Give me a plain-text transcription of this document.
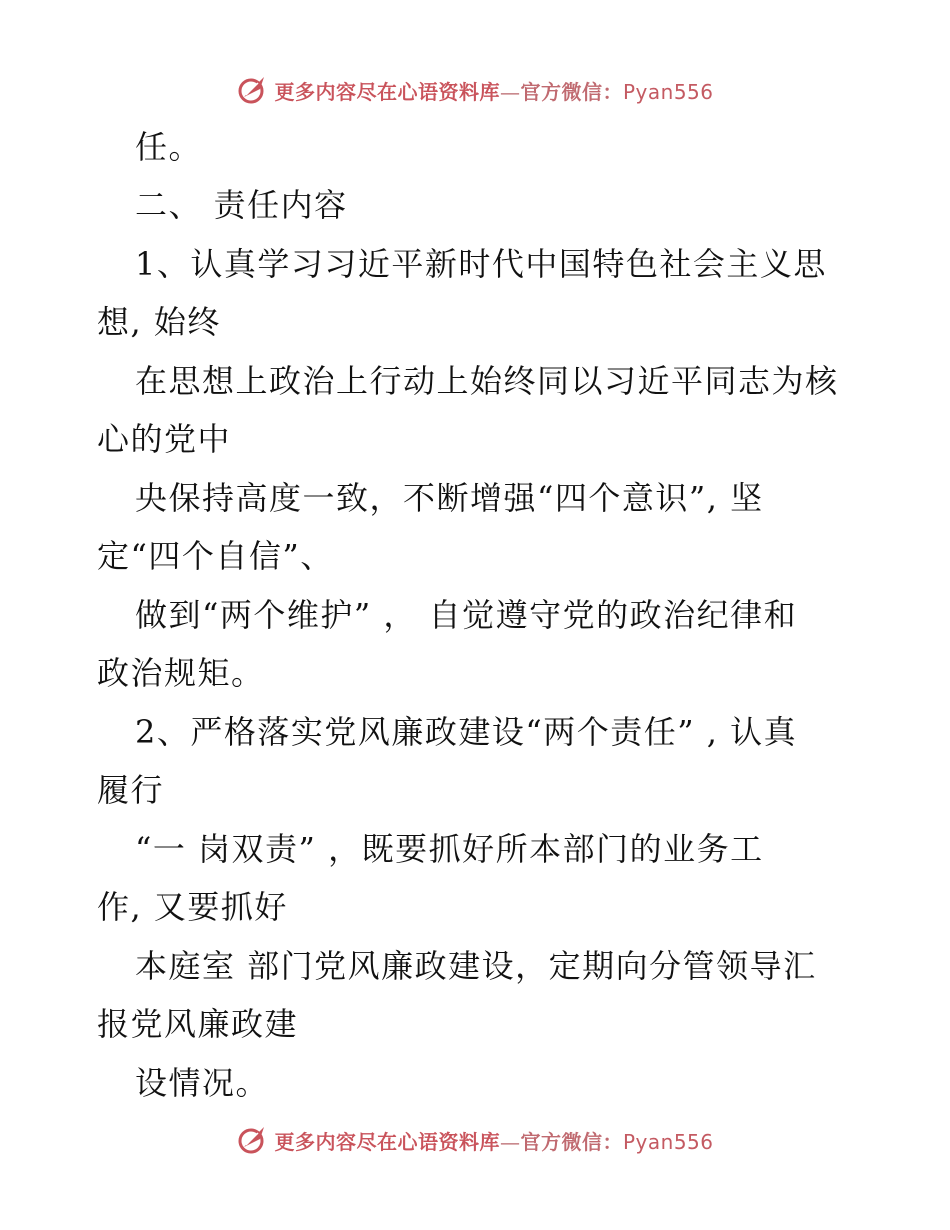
更多内容尽在心语资料库—官方微信：Pyan556
任。
二、 责任内容
1、认真学习习近平新时代中国特色社会主义思
想, 始终
在思想上政治上行动上始终同以习近平同志为核
心的党中
央保持高度一致，不断增强“四个意识”, 坚
定“四个自信”、
做到“两个维护” ， 自觉遵守党的政治纪律和
政治规矩。
2、严格落实党风廉政建设“两个责任” , 认真
履行
“一 岗双责” ，既要抓好所本部门的业务工
作, 又要抓好
本庭室 部门党风廉政建设，定期向分管领导汇
报党风廉政建
设情况。
更多内容尽在心语资料库—官方微信：Pyan556
